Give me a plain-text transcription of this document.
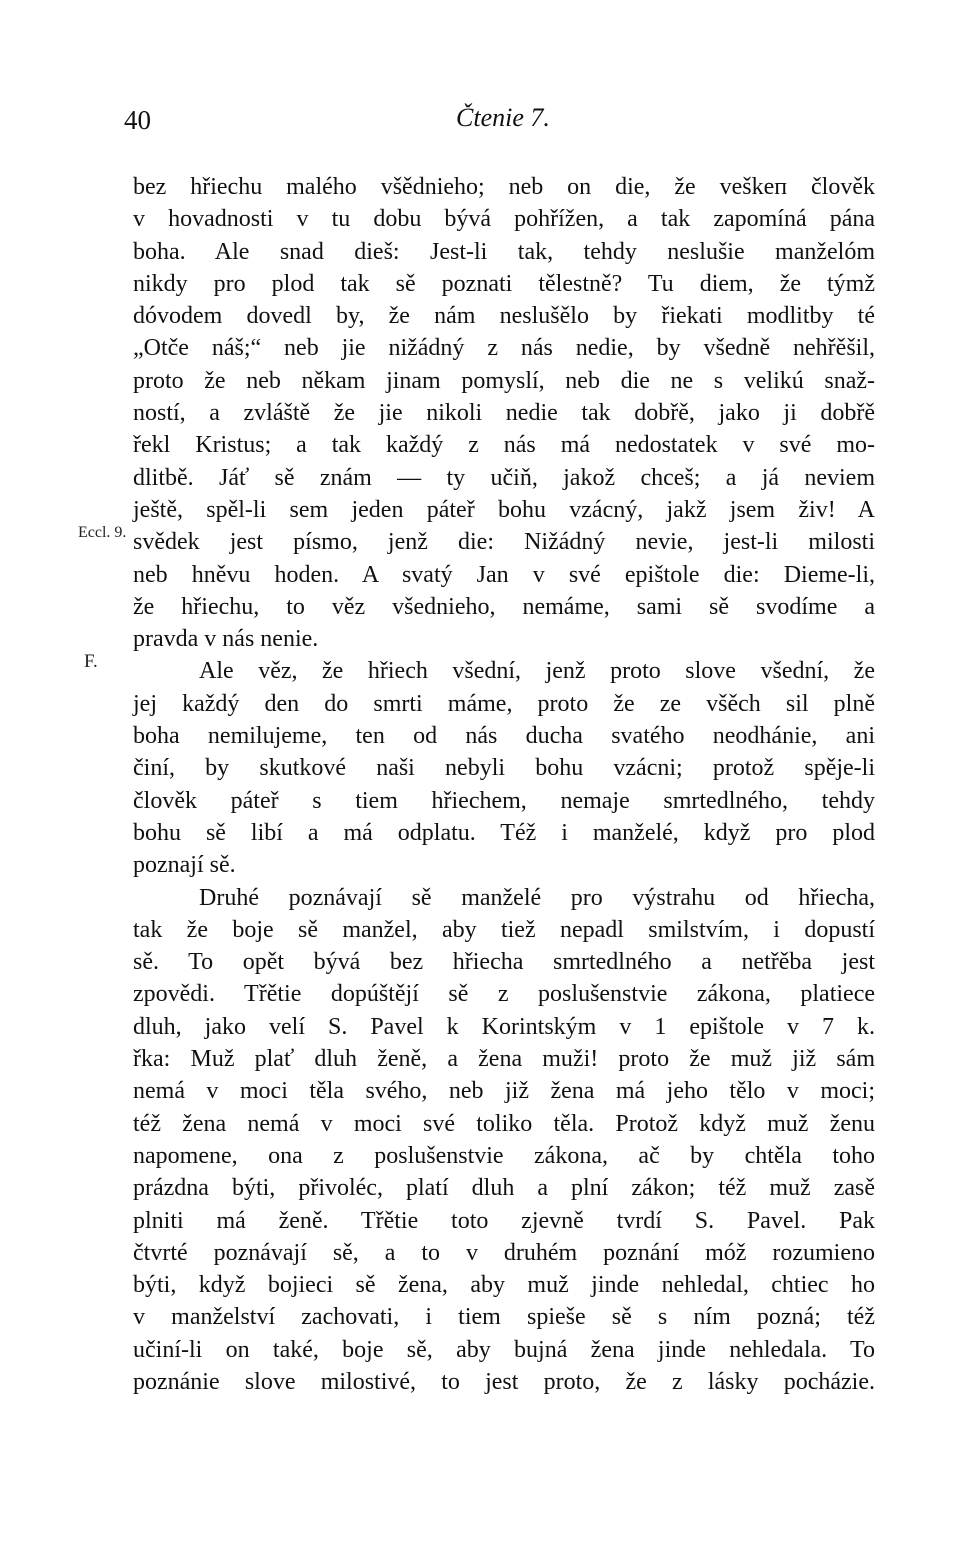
40	Čtenie 7.
Eccl. 9.
F.
bez hřiechu malého všědnieho; neb on die, že veškeп člověk
v hovadnosti v tu dobu bývá pohřížen, a tak zapomíná pána
boha. Ale snad dieš: Jest-li tak, tehdy neslušie manželóm
nikdy pro plod tak sě poznati tělestně? Tu diem, že týmž
dóvodem dovedl by, že nám neslušělo by řiekati modlitby té
„Otče náš;“ neb jie nižádný z nás nedie, by všedně nehřěšil,
proto že neb někam jinam pomyslí, neb die ne s velikú snaž-
ností, a zvláště že jie nikoli nedie tak dobřě, jako ji dobřě
řekl Kristus; a tak každý z nás má nedostatek v své mo-
dlitbě. Jáť sě znám — ty učiň, jakož chceš; a já neviem
ještě, spěl-li sem jeden páteř bohu vzácný, jakž jsem živ! A
svědek jest písmo, jenž die: Nižádný nevie, jest-li milosti
neb hněvu hoden. A svatý Jan v své epištole die: Dieme-li,
že hřiechu, to věz všednieho, nemáme, sami sě svodíme a
pravda v nás nenie.
Ale věz, že hřiech všední, jenž proto slove všední, že
jej každý den do smrti máme, proto že ze všěch sil plně
boha nemilujeme, ten od nás ducha svatého neodhánie, ani
činí, by skutkové naši nebyli bohu vzácni; protož spěje-li
člověk páteř s tiem hřiechem, nemaje smrtedlného, tehdy
bohu sě libí a má odplatu. Též i manželé, když pro plod
poznají sě.
Druhé poznávají sě manželé pro výstrahu od hřiecha,
tak že boje sě manžel, aby tiež nepadl smilstvím, i dopustí
sě. To opět bývá bez hřiecha smrtedlného a netřěba jest
zpovědi. Třětie dopúštějí sě z poslušenstvie zákona, platiece
dluh, jako velí S. Pavel k Korintským v 1 epištole v 7 k.
řka: Muž plať dluh ženě, a žena muži! proto že muž již sám
nemá v moci těla svého, neb již žena má jeho tělo v moci;
též žena nemá v moci své toliko těla. Protož když muž ženu
napomene, ona z poslušenstvie zákona, ač by chtěla toho
prázdna býti, přivoléc, platí dluh a plní zákon; též muž zasě
plniti má ženě. Třětie toto zjevně tvrdí S. Pavel. Pak
čtvrté poznávají sě, a to v druhém poznání móž rozumieno
býti, když bojieci sě žena, aby muž jinde nehledal, chtiec ho
v manželství zachovati, i tiem spieše sě s ním pozná; též
učiní-li on také, boje sě, aby bujná žena jinde nehledala. To
poznánie slove milostivé, to jest proto, že z lásky pocházie.
